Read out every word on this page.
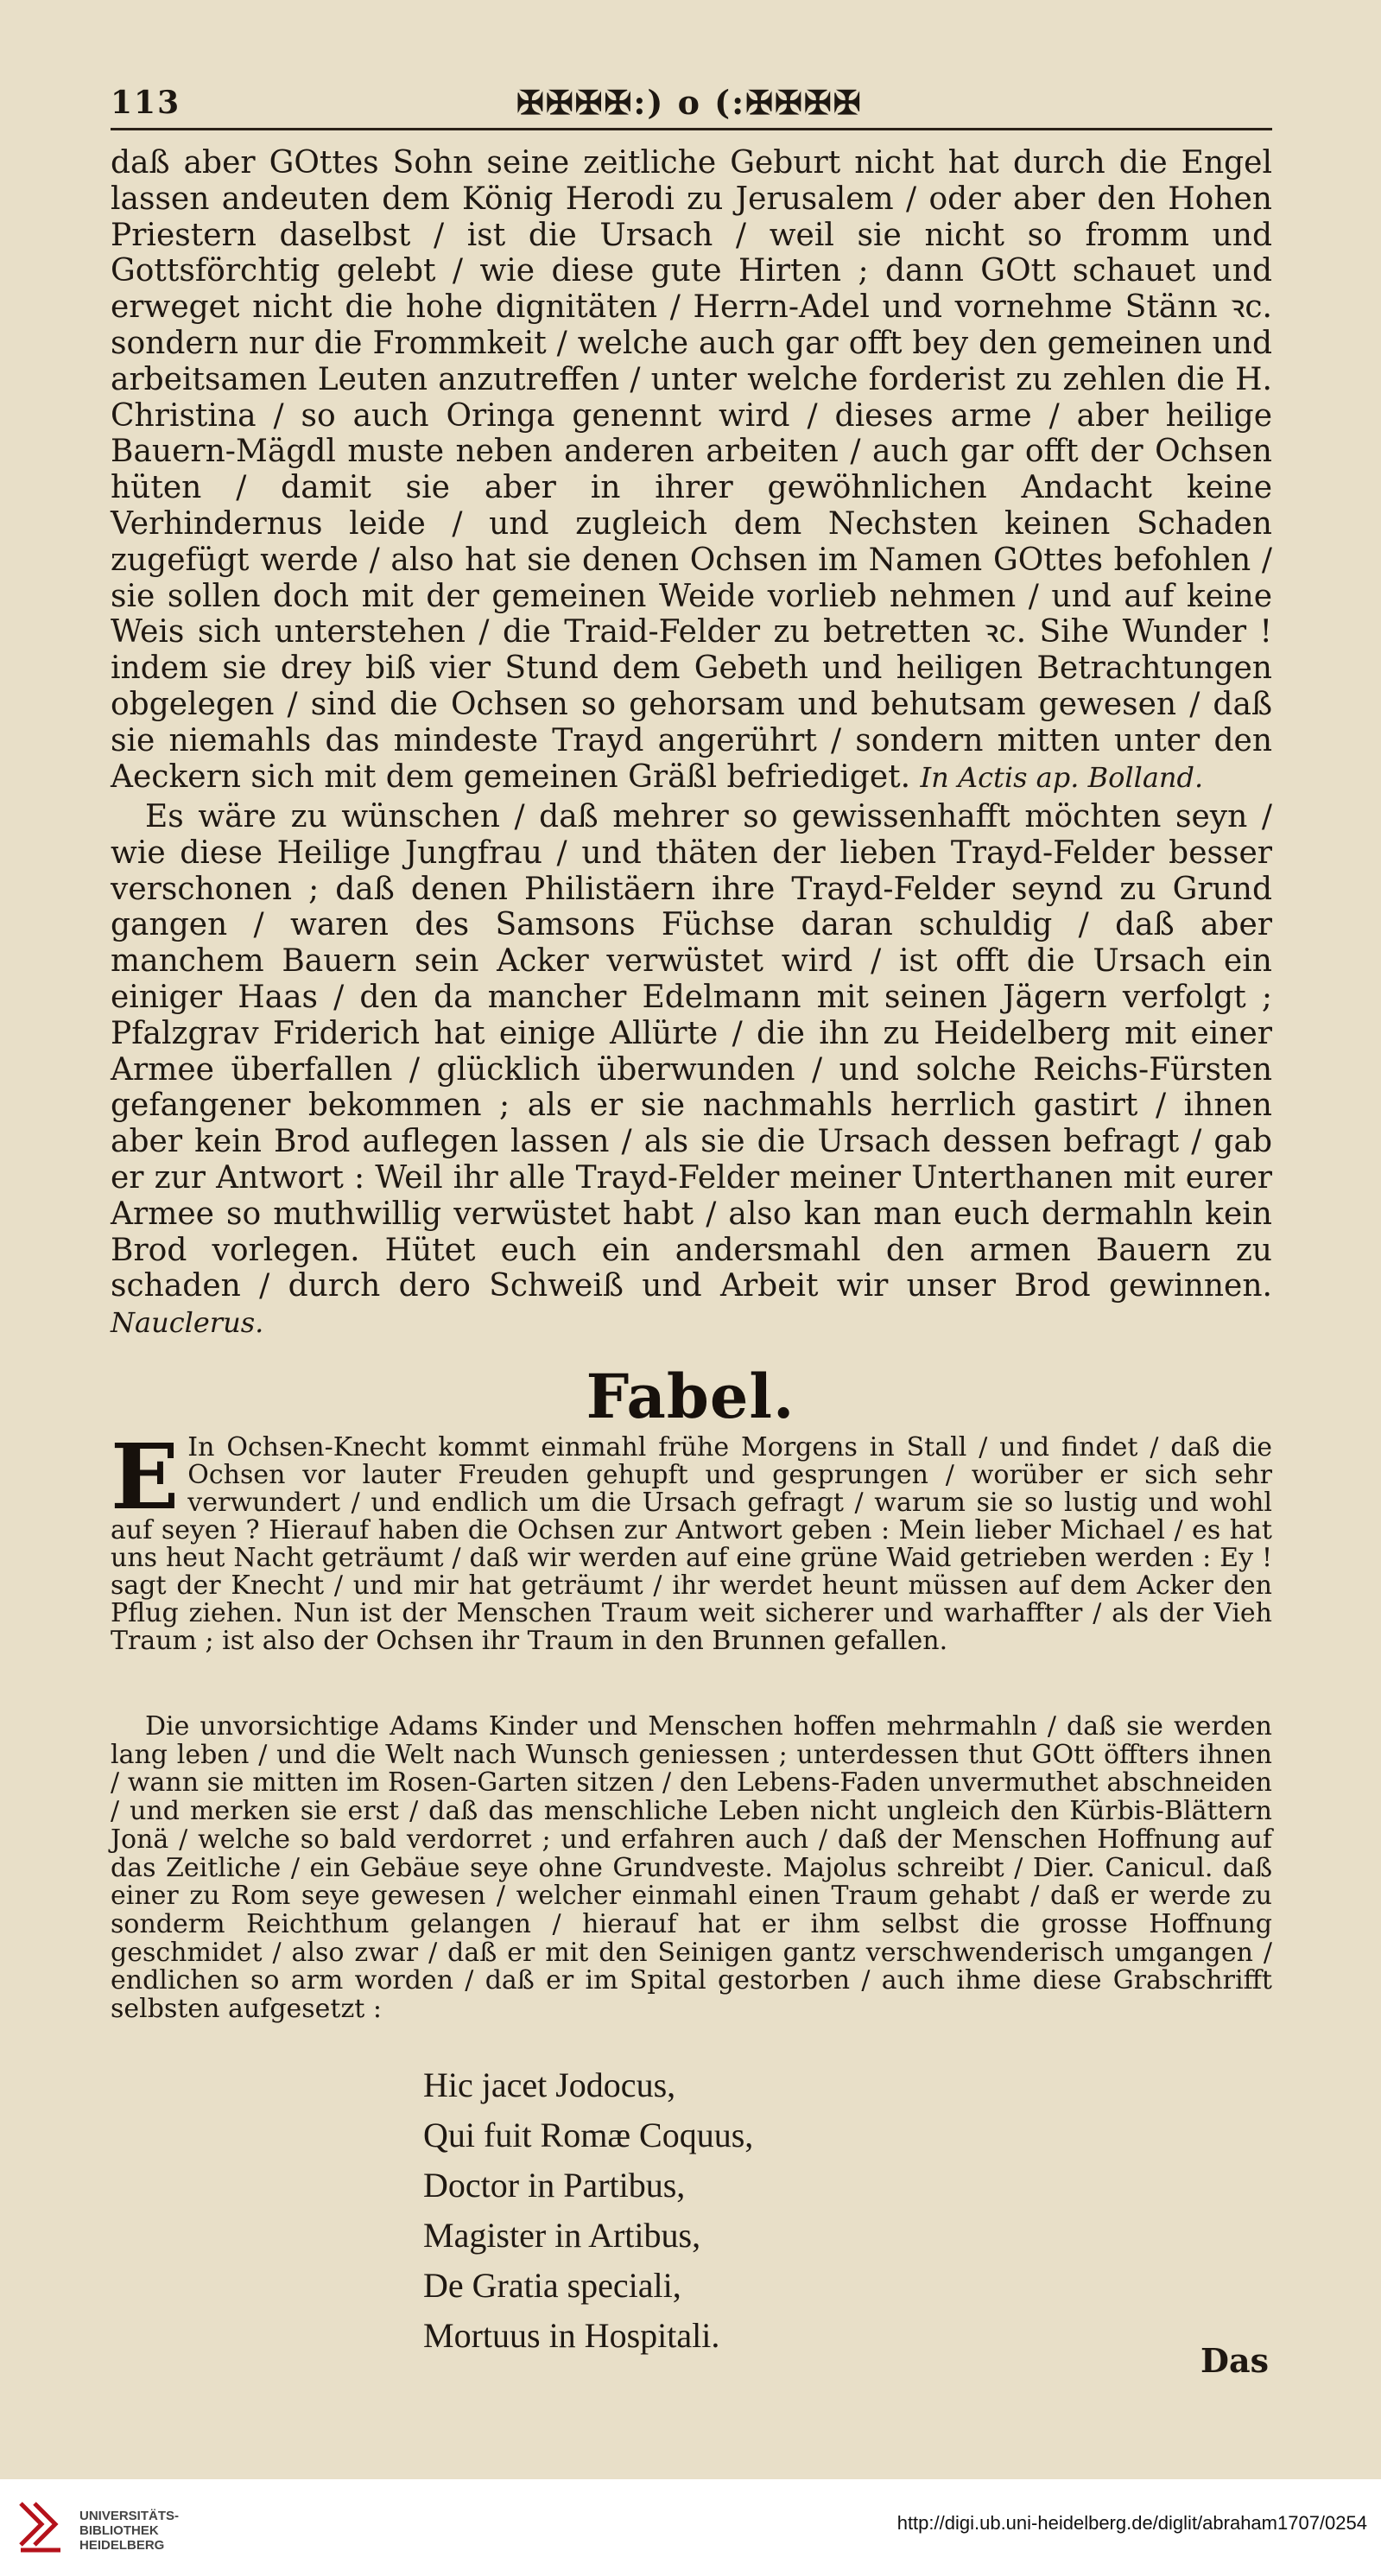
113	✠✠✠✠:) o (:✠✠✠✠

daß aber GOttes Sohn seine zeitliche Geburt nicht hat durch die Engel lassen andeuten dem König Herodi zu Jerusalem / oder aber den Hohen Priestern daselbst / ist die Ursach / weil sie nicht so fromm und Gottsförchtig gelebt / wie diese gute Hirten ; dann GOtt schauet und erweget nicht die hohe dignitäten / Herrn-Adel und vornehme Stänn ꝛc. sondern nur die Frommkeit / welche auch gar offt bey den gemeinen und arbeitsamen Leuten anzutreffen / unter welche forderist zu zehlen die H. Christina / so auch Oringa genennt wird / dieses arme / aber heilige Bauern-Mägdl muste neben anderen arbeiten / auch gar offt der Ochsen hüten / damit sie aber in ihrer gewöhnlichen Andacht keine Verhindernus leide / und zugleich dem Nechsten keinen Schaden zugefügt werde / also hat sie denen Ochsen im Namen GOttes befohlen / sie sollen doch mit der gemeinen Weide vorlieb nehmen / und auf keine Weis sich unterstehen / die Traid-Felder zu betretten ꝛc. Sihe Wunder ! indem sie drey biß vier Stund dem Gebeth und heiligen Betrachtungen obgelegen / sind die Ochsen so gehorsam und behutsam gewesen / daß sie niemahls das mindeste Trayd angerührt / sondern mitten unter den Aeckern sich mit dem gemeinen Gräßl befriediget. In Actis ap. Bolland.

Es wäre zu wünschen / daß mehrer so gewissenhafft möchten seyn / wie diese Heilige Jungfrau / und thäten der lieben Trayd-Felder besser verschonen ; daß denen Philistäern ihre Trayd-Felder seynd zu Grund gangen / waren des Samsons Füchse daran schuldig / daß aber manchem Bauern sein Acker verwüstet wird / ist offt die Ursach ein einiger Haas / den da mancher Edelmann mit seinen Jägern verfolgt ; Pfalzgrav Friderich hat einige Allürte / die ihn zu Heidelberg mit einer Armee überfallen / glücklich überwunden / und solche Reichs-Fürsten gefangener bekommen ; als er sie nachmahls herrlich gastirt / ihnen aber kein Brod auflegen lassen / als sie die Ursach dessen befragt / gab er zur Antwort : Weil ihr alle Trayd-Felder meiner Unterthanen mit eurer Armee so muthwillig verwüstet habt / also kan man euch dermahln kein Brod vorlegen. Hütet euch ein andersmahl den armen Bauern zu schaden / durch dero Schweiß und Arbeit wir unser Brod gewinnen. Nauclerus.

Fabel.

E In Ochsen-Knecht kommt einmahl frühe Morgens in Stall / und findet / daß die Ochsen vor lauter Freuden gehupft und gesprungen / worüber er sich sehr verwundert / und endlich um die Ursach gefragt / warum sie so lustig und wohl auf seyen ? Hierauf haben die Ochsen zur Antwort geben : Mein lieber Michael / es hat uns heut Nacht geträumt / daß wir werden auf eine grüne Waid getrieben werden : Ey ! sagt der Knecht / und mir hat geträumt / ihr werdet heunt müssen auf dem Acker den Pflug ziehen. Nun ist der Menschen Traum weit sicherer und warhaffter / als der Vieh Traum ; ist also der Ochsen ihr Traum in den Brunnen gefallen.

Die unvorsichtige Adams Kinder und Menschen hoffen mehrmahln / daß sie werden lang leben / und die Welt nach Wunsch geniessen ; unterdessen thut GOtt öffters ihnen / wann sie mitten im Rosen-Garten sitzen / den Lebens-Faden unvermuthet abschneiden / und merken sie erst / daß das menschliche Leben nicht ungleich den Kürbis-Blättern Jonä / welche so bald verdorret ; und erfahren auch / daß der Menschen Hoffnung auf das Zeitliche / ein Gebäue seye ohne Grundveste. Majolus schreibt / Dier. Canicul. daß einer zu Rom seye gewesen / welcher einmahl einen Traum gehabt / daß er werde zu sonderm Reichthum gelangen / hierauf hat er ihm selbst die grosse Hoffnung geschmidet / also zwar / daß er mit den Seinigen gantz verschwenderisch umgangen / endlichen so arm worden / daß er im Spital gestorben / auch ihme diese Grabschrifft selbsten aufgesetzt :

Hic jacet Jodocus,
Qui fuit Romæ Coquus,
Doctor in Partibus,
Magister in Artibus,
De Gratia speciali,
Mortuus in Hospitali.
Das
UNIVERSITÄTS-
BIBLIOTHEK
HEIDELBERG
http://digi.ub.uni-heidelberg.de/diglit/abraham1707/0254
